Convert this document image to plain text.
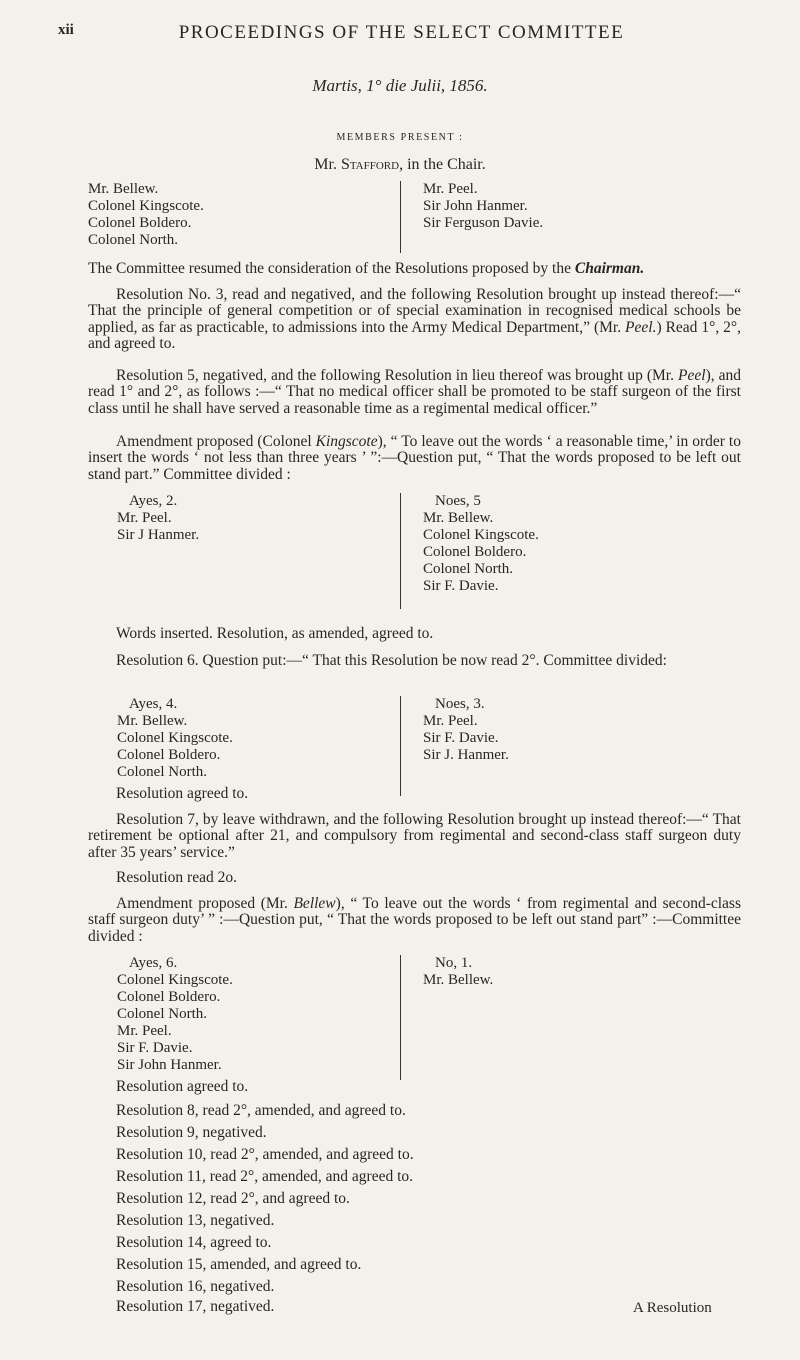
xii	PROCEEDINGS OF THE SELECT COMMITTEE
Martis, 1° die Julii, 1856.
MEMBERS PRESENT :
Mr. Stafford, in the Chair.
Mr. Bellew.
Colonel Kingscote.
Colonel Boldero.
Colonel North.
Mr. Peel.
Sir John Hanmer.
Sir Ferguson Davie.
The Committee resumed the consideration of the Resolutions proposed by the Chairman.
Resolution No. 3, read and negatived, and the following Resolution brought up instead thereof:—“ That the principle of general competition or of special examination in recognised medical schools be applied, as far as practicable, to admissions into the Army Medical Department,” (Mr. Peel.) Read 1°, 2°, and agreed to.
Resolution 5, negatived, and the following Resolution in lieu thereof was brought up (Mr. Peel), and read 1° and 2°, as follows :—“ That no medical officer shall be promoted to be staff surgeon of the first class until he shall have served a reasonable time as a regimental medical officer.”
Amendment proposed (Colonel Kingscote), “ To leave out the words ‘ a reasonable time,’ in order to insert the words ‘ not less than three years ’ ”:—Question put, “ That the words proposed to be left out stand part.” Committee divided :
Ayes, 2.
Mr. Peel.
Sir J Hanmer.
Noes, 5
Mr. Bellew.
Colonel Kingscote.
Colonel Boldero.
Colonel North.
Sir F. Davie.
Words inserted. Resolution, as amended, agreed to.
Resolution 6. Question put:—“ That this Resolution be now read 2°. Committee divided:
Ayes, 4.
Mr. Bellew.
Colonel Kingscote.
Colonel Boldero.
Colonel North.
Noes, 3.
Mr. Peel.
Sir F. Davie.
Sir J. Hanmer.
Resolution agreed to.
Resolution 7, by leave withdrawn, and the following Resolution brought up instead thereof:—“ That retirement be optional after 21, and compulsory from regimental and second-class staff surgeon duty after 35 years’ service.”
Resolution read 2o.
Amendment proposed (Mr. Bellew), “ To leave out the words ‘ from regimental and second-class staff surgeon duty’ ” :—Question put, “ That the words proposed to be left out stand part” :—Committee divided :
Ayes, 6.
Colonel Kingscote.
Colonel Boldero.
Colonel North.
Mr. Peel.
Sir F. Davie.
Sir John Hanmer.
No, 1.
Mr. Bellew.
Resolution agreed to.
Resolution 8, read 2°, amended, and agreed to.
Resolution 9, negatived.
Resolution 10, read 2°, amended, and agreed to.
Resolution 11, read 2°, amended, and agreed to.
Resolution 12, read 2°, and agreed to.
Resolution 13, negatived.
Resolution 14, agreed to.
Resolution 15, amended, and agreed to.
Resolution 16, negatived.
Resolution 17, negatived.	A Resolution
